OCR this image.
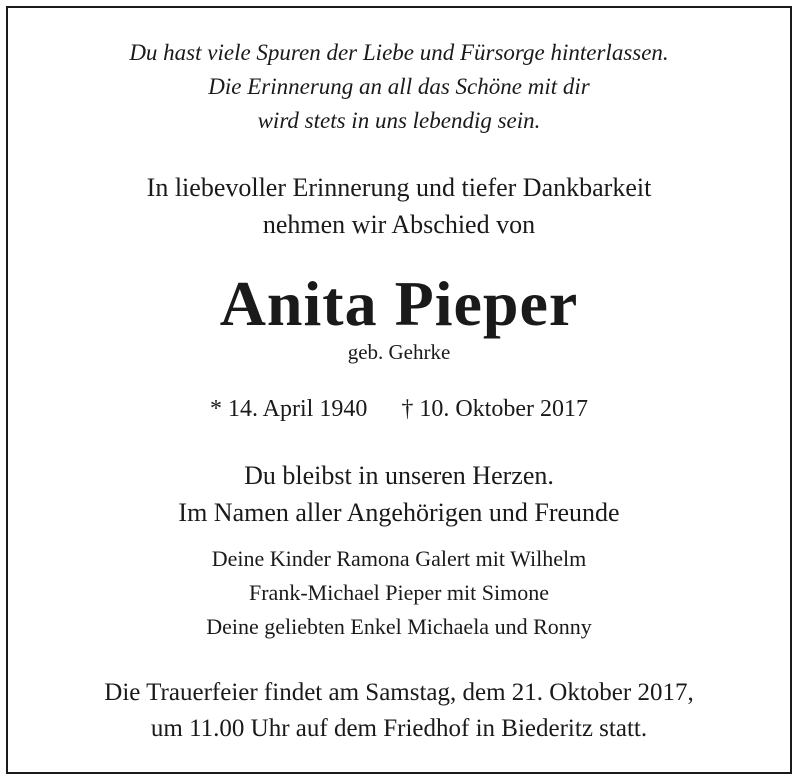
Du hast viele Spuren der Liebe und Fürsorge hinterlassen.
Die Erinnerung an all das Schöne mit dir
wird stets in uns lebendig sein.
In liebevoller Erinnerung und tiefer Dankbarkeit
nehmen wir Abschied von
Anita Pieper
geb. Gehrke
* 14. April 1940 † 10. Oktober 2017
Du bleibst in unseren Herzen.
Im Namen aller Angehörigen und Freunde
Deine Kinder Ramona Galert mit Wilhelm
Frank-Michael Pieper mit Simone
Deine geliebten Enkel Michaela und Ronny
Die Trauerfeier findet am Samstag, dem 21. Oktober 2017,
um 11.00 Uhr auf dem Friedhof in Biederitz statt.
